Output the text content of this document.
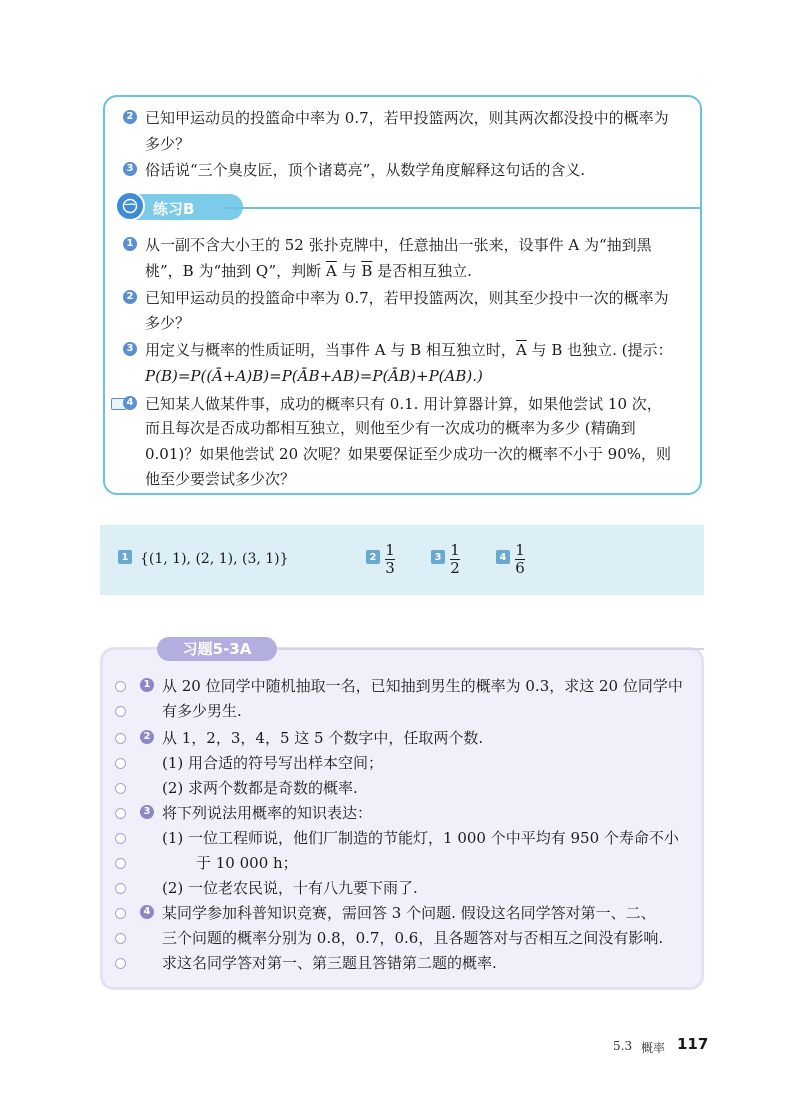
2 已知甲运动员的投篮命中率为 0.7，若甲投篮两次，则其两次都没投中的概率为
多少？
3 俗话说“三个臭皮匠，顶个诸葛亮”，从数学角度解释这句话的含义.
练习B
1 从一副不含大小王的 52 张扑克牌中，任意抽出一张来，设事件 A 为“抽到黑
桃”，B 为“抽到 Q”，判断 $\overline{A}$ 与 $\overline{B}$ 是否相互独立.
2 已知甲运动员的投篮命中率为 0.7，若甲投篮两次，则其至少投中一次的概率为
多少？
3 用定义与概率的性质证明，当事件 A 与 B 相互独立时，$\overline{A}$ 与 B 也独立. (提示：
P(B)=P((Ā+A)B)=P(ĀB+AB)=P(ĀB)+P(AB).)
4 已知某人做某件事，成功的概率只有 0.1. 用计算器计算，如果他尝试 10 次，
而且每次是否成功都相互独立，则他至少有一次成功的概率为多少 (精确到
0.01)？如果他尝试 20 次呢？如果要保证至少成功一次的概率不小于 90%，则
他至少要尝试多少次？
1 {(1, 1), (2, 1), (3, 1)}	2 1
3
3 1
2
4 1
6
习题5-3A
1 从 20 位同学中随机抽取一名，已知抽到男生的概率为 0.3，求这 20 位同学中
有多少男生.
2 从 1，2，3，4，5 这 5 个数字中，任取两个数.
(1) 用合适的符号写出样本空间；
(2) 求两个数都是奇数的概率.
3 将下列说法用概率的知识表达：
(1) 一位工程师说，他们厂制造的节能灯，1 000 个中平均有 950 个寿命不小
于 10 000 h；
(2) 一位老农民说，十有八九要下雨了.
4 某同学参加科普知识竞赛，需回答 3 个问题. 假设这名同学答对第一、二、
三个问题的概率分别为 0.8，0.7，0.6，且各题答对与否相互之间没有影响.
求这名同学答对第一、第三题且答错第二题的概率.
5.3 概率 117
